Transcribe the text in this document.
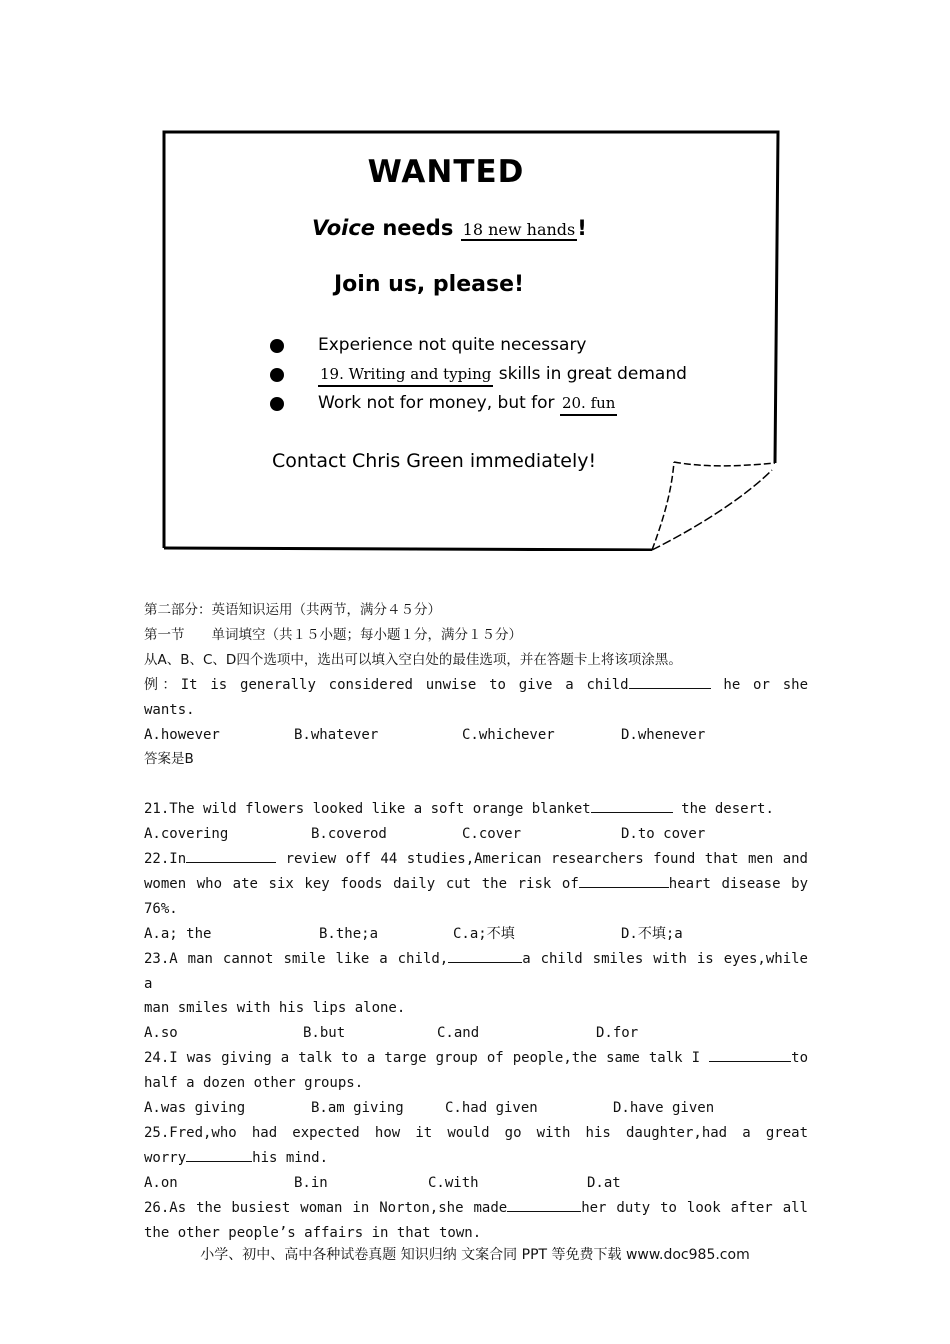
WANTED
Voice needs 18 new hands!
Join us, please!
Experience not quite necessary
19. Writing and typing skills in great demand
Work not for money, but for 20. fun
Contact Chris Green immediately!
第二部分：英语知识运用（共两节，满分４５分）
第一节　　单词填空（共１５小题；每小题１分，满分１５分）
从A、B、C、D四个选项中，选出可以填入空白处的最佳选项，并在答题卡上将该项涂黑。
例：It is generally considered unwise to give a child	he or she
wants.
A.however	B.whatever	C.whichever	D.whenever
答案是B
21.The wild flowers looked like a soft orange blanket	the desert.
A.covering	B.coverod	C.cover	D.to cover
22.In	review off 44 studies,American researchers found that men and
women who ate six key foods daily cut the risk of	heart disease by
76%.
A.a; the	B.the;a	C.a;不填	D.不填;a
23.A man cannot smile like a child,	a child smiles with is eyes,while a
man smiles with his lips alone.
A.so	B.but	C.and	D.for
24.I was giving a talk to a targe group of people,the same talk I	to
half a dozen other groups.
A.was giving	B.am giving	C.had given	D.have given
25.Fred,who had expected how it would go with his daughter,had a great
worry	his mind.
A.on	B.in	C.with	D.at
26.As the busiest woman in Norton,she made	her duty to look after all
the other people’s affairs in that town.
小学、初中、高中各种试卷真题 知识归纳 文案合同 PPT 等免费下载 www.doc985.com
